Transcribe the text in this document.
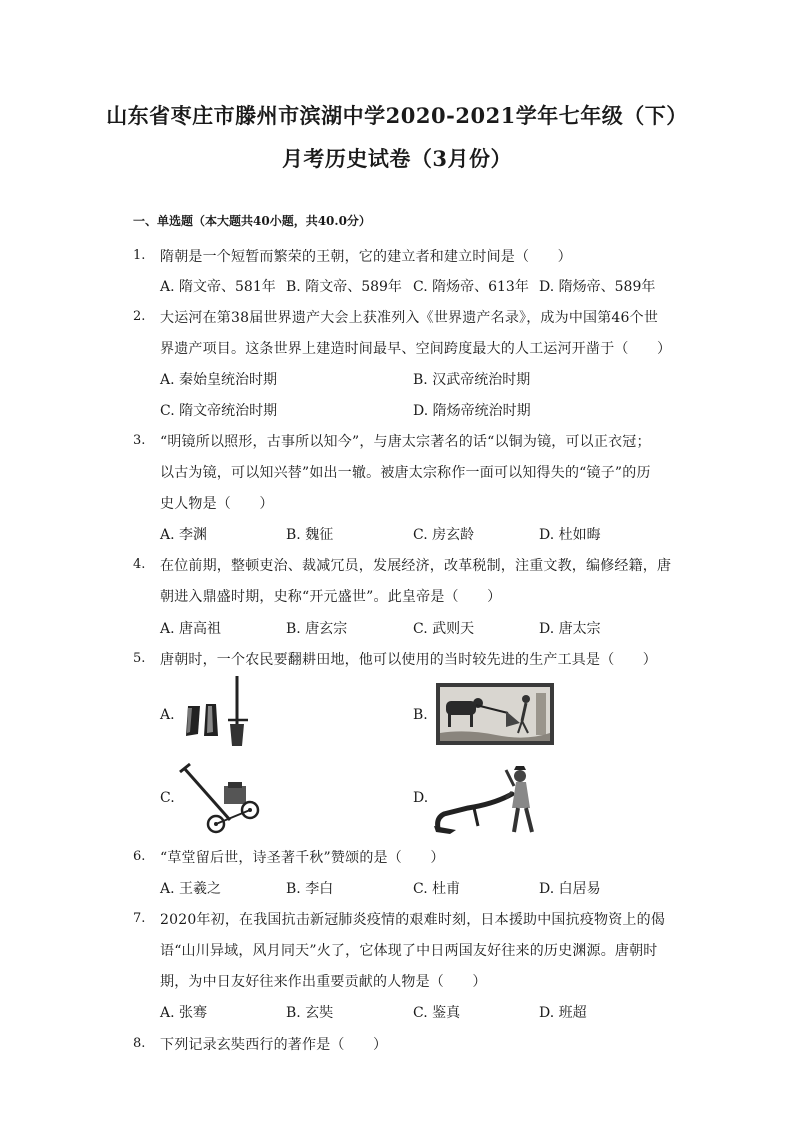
山东省枣庄市滕州市滨湖中学2020-2021学年七年级（下）
月考历史试卷（3月份）
一、单选题（本大题共40小题，共40.0分）
1. 隋朝是一个短暂而繁荣的王朝，它的建立者和建立时间是（　　）
A. 隋文帝、581年 B. 隋文帝、589年 C. 隋炀帝、613年 D. 隋炀帝、589年
2. 大运河在第38届世界遗产大会上获准列入《世界遗产名录》，成为中国第46个世
界遗产项目。这条世界上建造时间最早、空间跨度最大的人工运河开凿于（　　）
A. 秦始皇统治时期	B. 汉武帝统治时期
C. 隋文帝统治时期	D. 隋炀帝统治时期
3. “明镜所以照形，古事所以知今”，与唐太宗著名的话“以铜为镜，可以正衣冠；
以古为镜，可以知兴替”如出一辙。被唐太宗称作一面可以知得失的“镜子”的历
史人物是（　　）
A. 李渊	B. 魏征	C. 房玄龄	D. 杜如晦
4. 在位前期，整顿吏治、裁减冗员，发展经济，改革税制，注重文教，编修经籍，唐
朝进入鼎盛时期，史称“开元盛世”。此皇帝是（　　）
A. 唐高祖	B. 唐玄宗	C. 武则天	D. 唐太宗
5. 唐朝时，一个农民要翻耕田地，他可以使用的当时较先进的生产工具是（　　）
A.	B.
C.	D.
6. “草堂留后世，诗圣著千秋”赞颂的是（　　）
A. 王羲之	B. 李白	C. 杜甫	D. 白居易
7. 2020年初，在我国抗击新冠肺炎疫情的艰难时刻，日本援助中国抗疫物资上的偈
语“山川异域，风月同天”火了，它体现了中日两国友好往来的历史渊源。唐朝时
期，为中日友好往来作出重要贡献的人物是（　　）
A. 张骞	B. 玄奘	C. 鉴真	D. 班超
8. 下列记录玄奘西行的著作是（　　）
